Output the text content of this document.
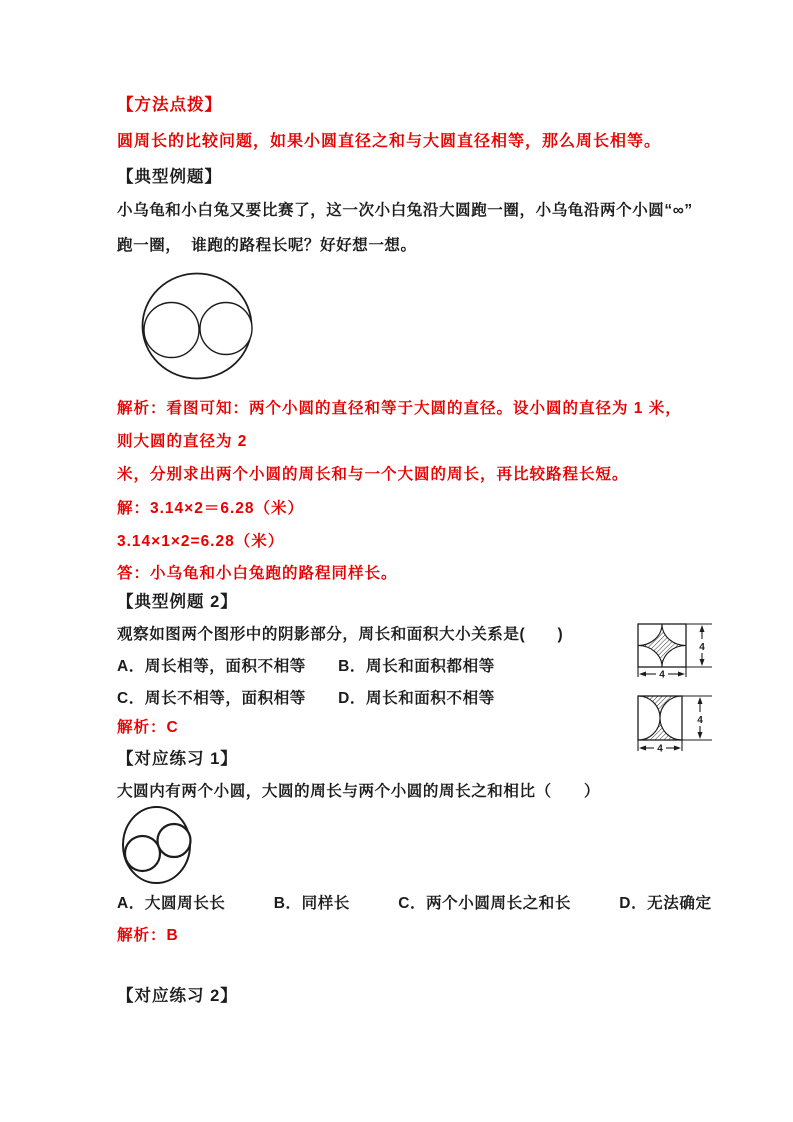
【方法点拨】
圆周长的比较问题，如果小圆直径之和与大圆直径相等，那么周长相等。
【典型例题】
小乌龟和小白兔又要比赛了，这一次小白兔沿大圆跑一圈，小乌龟沿两个小圆“∞”
跑一圈，  谁跑的路程长呢？好好想一想。
解析：看图可知：两个小圆的直径和等于大圆的直径。设小圆的直径为 1 米，
则大圆的直径为 2
米，分别求出两个小圆的周长和与一个大圆的周长，再比较路程长短。
解：3.14×2＝6.28（米）
3.14×1×2=6.28（米）
答：小乌龟和小白兔跑的路程同样长。
【典型例题 2】
观察如图两个图形中的阴影部分，周长和面积大小关系是(　　)
A．周长相等，面积不相等　　B．周长和面积都相等
C．周长不相等，面积相等　　D．周长和面积不相等
解析：C
4
4
4
4
【对应练习 1】
大圆内有两个小圆，大圆的周长与两个小圆的周长之和相比（　　）
A．大圆周长长　　　B．同样长　　　C．两个小圆周长之和长　　　D．无法确定
解析：B
【对应练习 2】
